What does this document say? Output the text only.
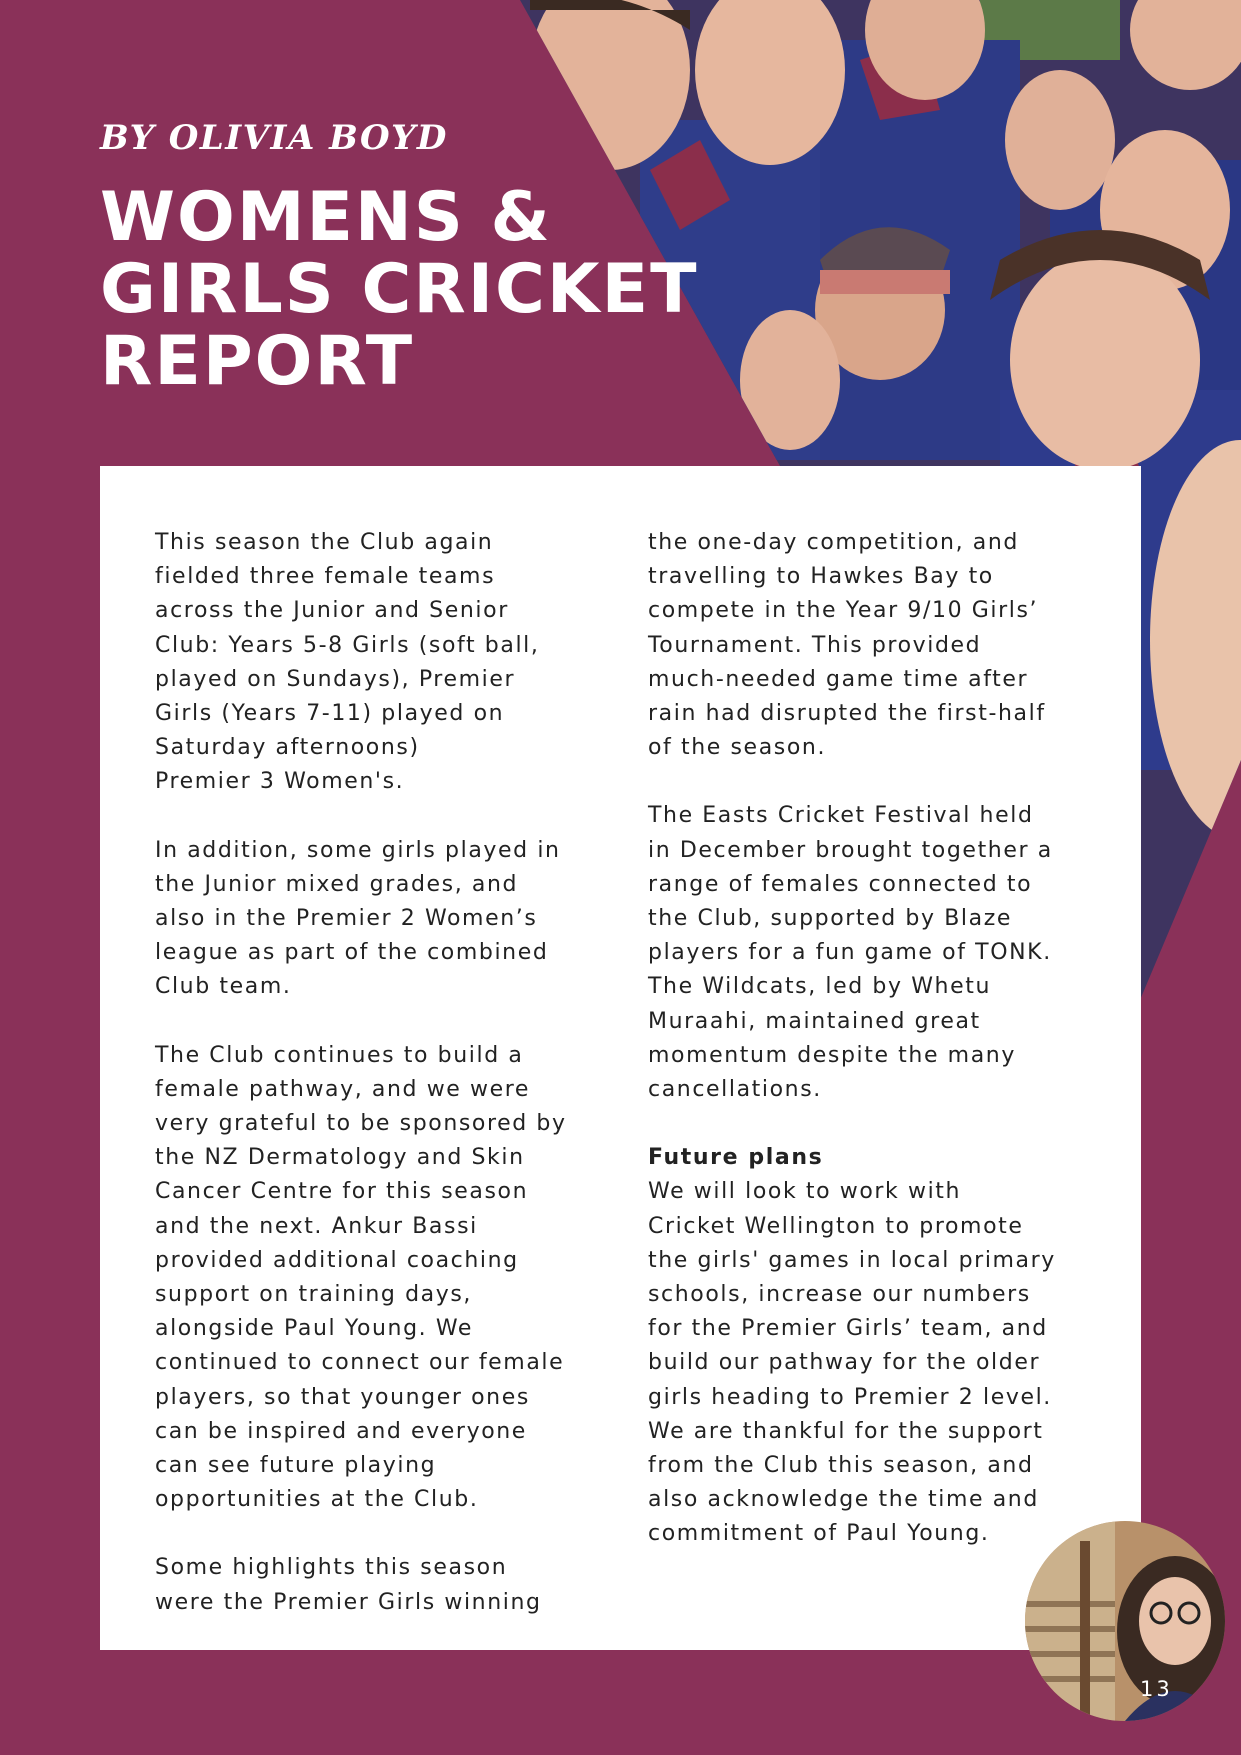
BY OLIVIA BOYD
WOMENS &
GIRLS CRICKET
REPORT

This season the Club again
fielded three female teams
across the Junior and Senior
Club: Years 5-8 Girls (soft ball,
played on Sundays), Premier
Girls (Years 7-11) played on
Saturday afternoons)
Premier 3 Women's.

In addition, some girls played in
the Junior mixed grades, and
also in the Premier 2 Women’s
league as part of the combined
Club team.

The Club continues to build a
female pathway, and we were
very grateful to be sponsored by
the NZ Dermatology and Skin
Cancer Centre for this season
and the next. Ankur Bassi
provided additional coaching
support on training days,
alongside Paul Young. We
continued to connect our female
players, so that younger ones
can be inspired and everyone
can see future playing
opportunities at the Club.

Some highlights this season
were the Premier Girls winning

the one-day competition, and
travelling to Hawkes Bay to
compete in the Year 9/10 Girls’
Tournament. This provided
much-needed game time after
rain had disrupted the first-half
of the season.

The Easts Cricket Festival held
in December brought together a
range of females connected to
the Club, supported by Blaze
players for a fun game of TONK.
The Wildcats, led by Whetu
Muraahi, maintained great
momentum despite the many
cancellations.

Future plans

We will look to work with
Cricket Wellington to promote
the girls' games in local primary
schools, increase our numbers
for the Premier Girls’ team, and
build our pathway for the older
girls heading to Premier 2 level.
We are thankful for the support
from the Club this season, and
also acknowledge the time and
commitment of Paul Young.

13
